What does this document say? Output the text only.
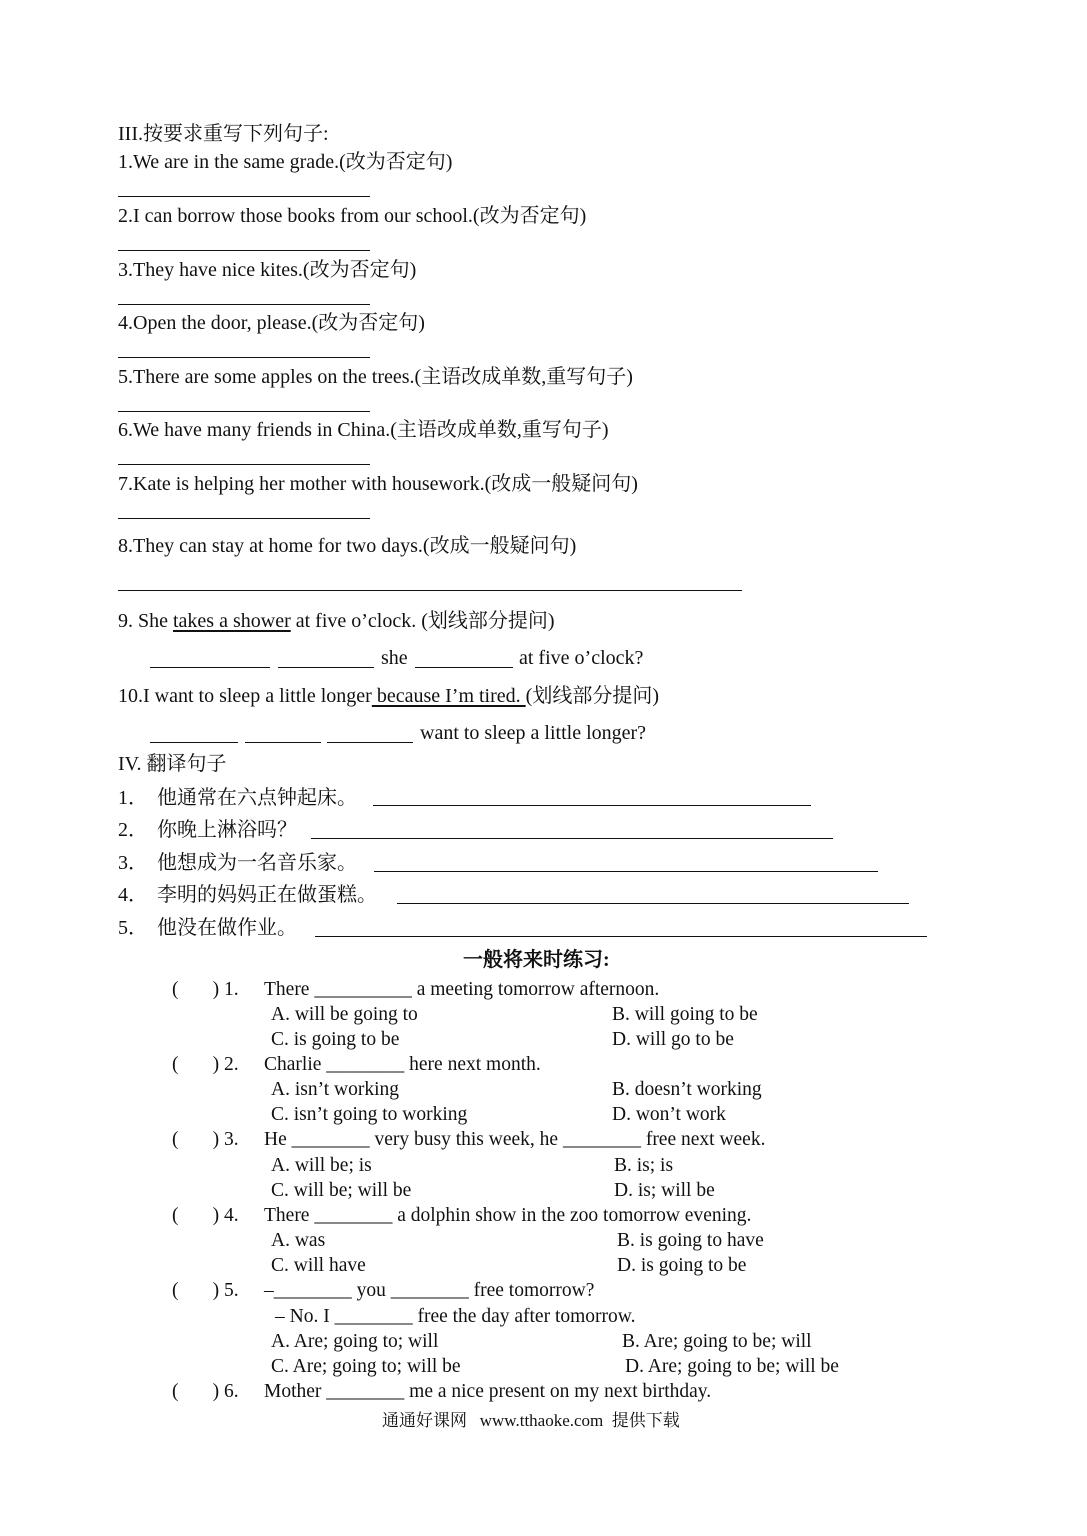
III.按要求重写下列句子:
1.We are in the same grade.(改为否定句)
2.I can borrow those books from our school.(改为否定句)
3.They have nice kites.(改为否定句)
4.Open the door, please.(改为否定句)
5.There are some apples on the trees.(主语改成单数,重写句子)
6.We have many friends in China.(主语改成单数,重写句子)
7.Kate is helping her mother with housework.(改成一般疑问句)
8.They can stay at home for two days.(改成一般疑问句)
9. She takes a shower at five o’clock. (划线部分提问)
she	at five o’clock?
10.I want to sleep a little longer because I’m tired. (划线部分提问)
want to sleep a little longer?
IV. 翻译句子
1． 他通常在六点钟起床。
2． 你晚上淋浴吗？
3． 他想成为一名音乐家。
4． 李明的妈妈正在做蛋糕。
5． 他没在做作业。
一般将来时练习:
(       ) 1. There __________ a meeting tomorrow afternoon.
A. will be going to	B. will going to be
C. is going to be	D. will go to be
(       ) 2. Charlie ________ here next month.
A. isn’t working	B. doesn’t working
C. isn’t going to working	D. won’t work
(       ) 3. He ________ very busy this week, he ________ free next week.
A. will be; is	B. is; is
C. will be; will be	D. is; will be
(       ) 4. There ________ a dolphin show in the zoo tomorrow evening.
A. was	B. is going to have
C. will have	D. is going to be
(       ) 5. –________ you ________ free tomorrow?
– No. I ________ free the day after tomorrow.
A. Are; going to; will	B. Are; going to be; will
C. Are; going to; will be	D. Are; going to be; will be
(       ) 6. Mother ________ me a nice present on my next birthday.
通通好课网   www.tthaoke.com  提供下载
